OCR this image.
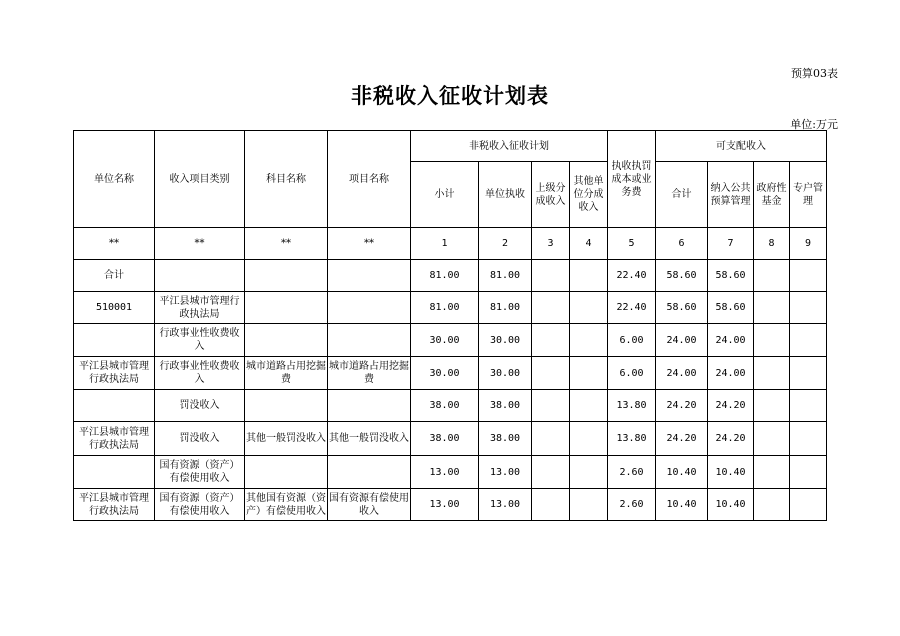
预算03表
非税收入征收计划表
单位:万元
单位名称	收入项目类别	科目名称	项目名称	非税收入征收计划				执收执罚成本或业务费	可支配收入			
				小计	单位执收	上级分成收入	其他单位分成收入		合计	纳入公共预算管理	政府性基金	专户管理
**	**	**	**	1	2	3	4	5	6	7	8	9
合计				81.00	81.00			22.40	58.60	58.60		
510001	平江县城市管理行政执法局			81.00	81.00			22.40	58.60	58.60		
	行政事业性收费收入			30.00	30.00			6.00	24.00	24.00		
平江县城市管理行政执法局	行政事业性收费收入	城市道路占用挖掘费	城市道路占用挖掘费	30.00	30.00			6.00	24.00	24.00		
	罚没收入			38.00	38.00			13.80	24.20	24.20		
平江县城市管理行政执法局	罚没收入	其他一般罚没收入	其他一般罚没收入	38.00	38.00			13.80	24.20	24.20		
	国有资源（资产）有偿使用收入			13.00	13.00			2.60	10.40	10.40		
平江县城市管理行政执法局	国有资源（资产）有偿使用收入	其他国有资源（资产）有偿使用收入	国有资源有偿使用收入	13.00	13.00			2.60	10.40	10.40		
